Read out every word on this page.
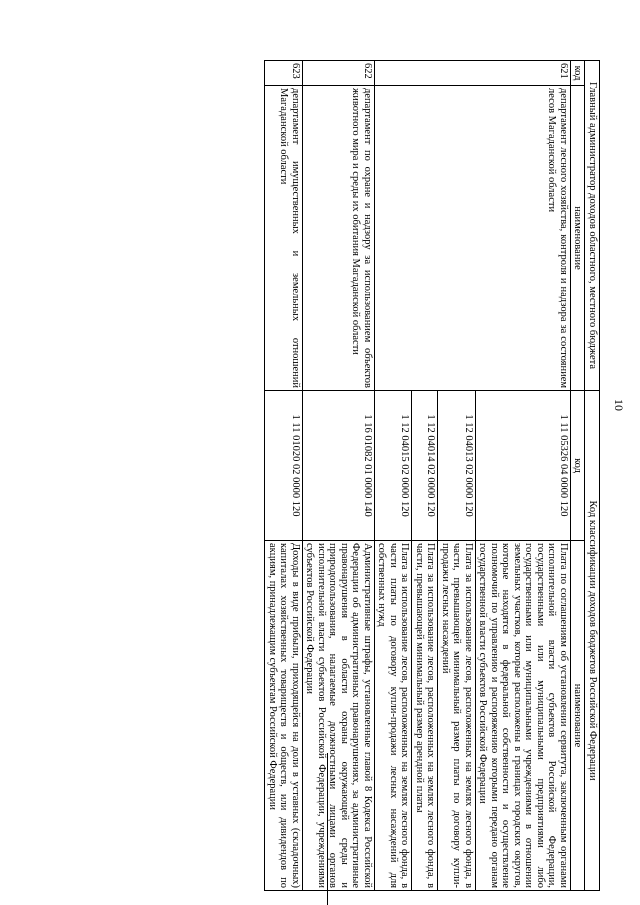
10
Главный администратор доходов областного, местного бюджета		Код классификации доходов бюджетов Российской Федерации	
код	наименование	код	наименование
621	департамент лесного хозяйства, контроля и надзора за состоянием лесов Магаданской области	1 11 05326 04 0000 120	Плата по соглашениям об установлении сервитута, заключенным органами исполнительной власти субъектов Российской Федерации, государственными или муниципальными предприятиями либо государственными или муниципальными учреждениями в отношении земельных участков, которые расположены в границах городских округов, которые находятся в федеральной собственности и осуществление полномочий по управлению и распоряжению которыми передано органам государственной власти субъектов Российской Федерации
		1 12 04013 02 0000 120	Плата за использование лесов, расположенных на землях лесного фонда, в части, превышающей минимальный размер платы по договору купли-продажи лесных насаждений
		1 12 04014 02 0000 120	Плата за использование лесов, расположенных на землях лесного фонда, в части, превышающей минимальный размер арендной платы
		1 12 04015 02 0000 120	Плата за использование лесов, расположенных на землях лесного фонда, в части платы по договору купли-продажи лесных насаждений для собственных нужд
622	департамент по охране и надзору за использованием объектов животного мира и среды их обитания Магаданской области	1 16 01082 01 0000 140	Административные штрафы, установленные главой 8 Кодекса Российской Федерации об административных правонарушениях, за административные правонарушения в области охраны окружающей среды и природопользования, налагаемые должностными лицами органов исполнительной власти субъектов Российской Федерации, учреждениями субъектов Российской Федерации
623	департамент имущественных и земельных отношений Магаданской области	1 11 01020 02 0000 120	Доходы в виде прибыли, приходящейся на доли в уставных (складочных) капиталах хозяйственных товариществ и обществ, или дивидендов по акциям, принадлежащим субъектам Российской Федерации
